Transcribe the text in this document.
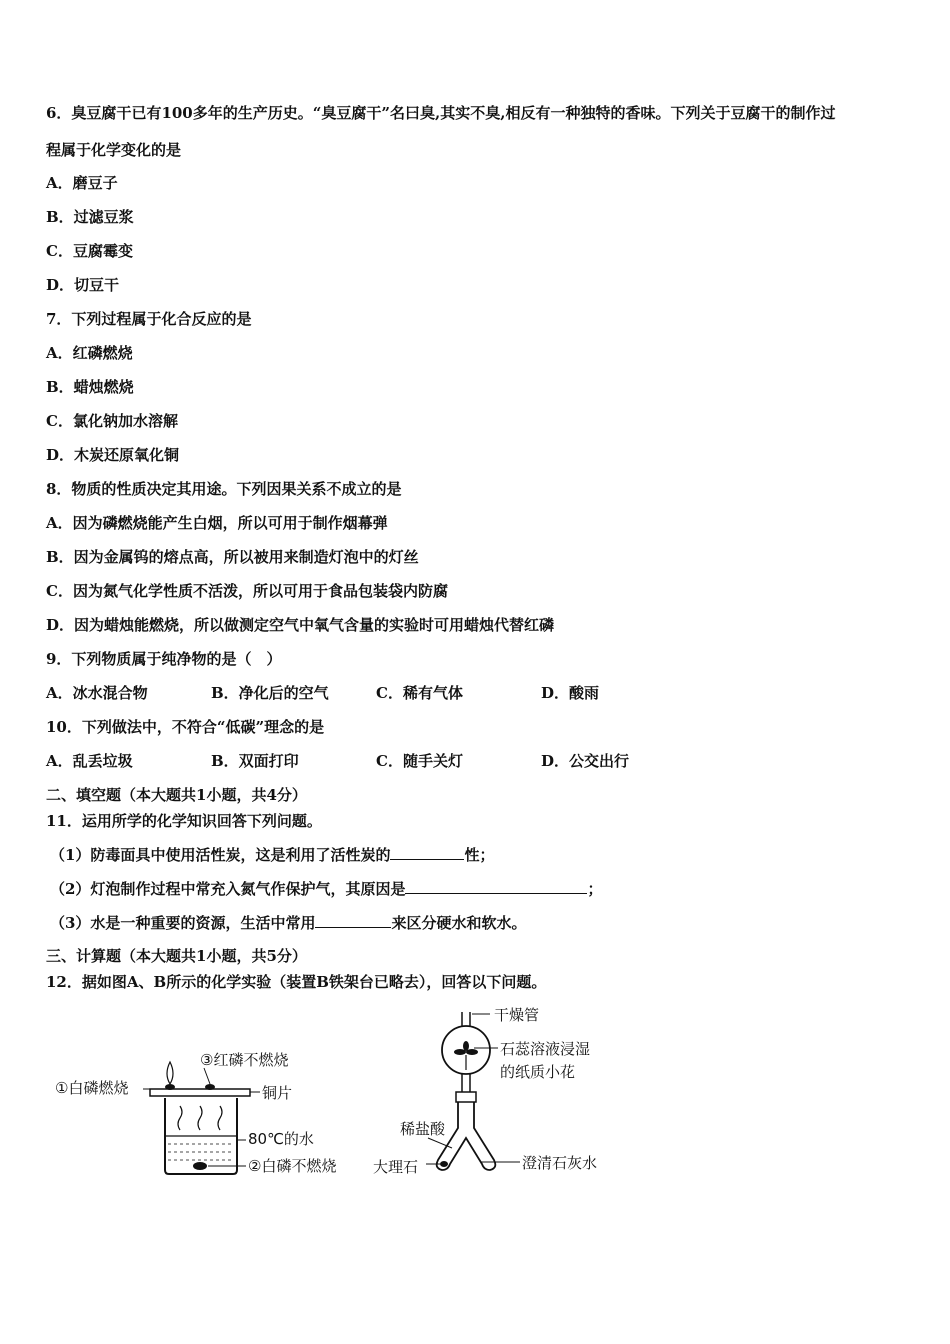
6．臭豆腐干已有100多年的生产历史。“臭豆腐干”名曰臭,其实不臭,相反有一种独特的香味。下列关于豆腐干的制作过
程属于化学变化的是
A．磨豆子
B．过滤豆浆
C．豆腐霉变
D．切豆干
7．下列过程属于化合反应的是
A．红磷燃烧
B．蜡烛燃烧
C．氯化钠加水溶解
D．木炭还原氧化铜
8．物质的性质决定其用途。下列因果关系不成立的是
A．因为磷燃烧能产生白烟，所以可用于制作烟幕弹
B．因为金属钨的熔点高，所以被用来制造灯泡中的灯丝
C．因为氮气化学性质不活泼，所以可用于食品包装袋内防腐
D．因为蜡烛能燃烧，所以做测定空气中氧气含量的实验时可用蜡烛代替红磷
9．下列物质属于纯净物的是（　）
A．冰水混合物	B．净化后的空气	C．稀有气体	D．酸雨
10．下列做法中，不符合“低碳”理念的是
A．乱丢垃圾	B．双面打印	C．随手关灯	D．公交出行
二、填空题（本大题共1小题，共4分）
11．运用所学的化学知识回答下列问题。
（1）防毒面具中使用活性炭，这是利用了活性炭的	性；
（2）灯泡制作过程中常充入氮气作保护气，其原因是	；
（3）水是一种重要的资源，生活中常用	来区分硬水和软水。
三、计算题（本大题共1小题，共5分）
12．据如图A、B所示的化学实验（装置B铁架台已略去），回答以下问题。
③红磷不燃烧
①白磷燃烧	铜片
80℃的水
②白磷不燃烧
干燥管
石蕊溶液浸湿
的纸质小花
稀盐酸
大理石	澄清石灰水
